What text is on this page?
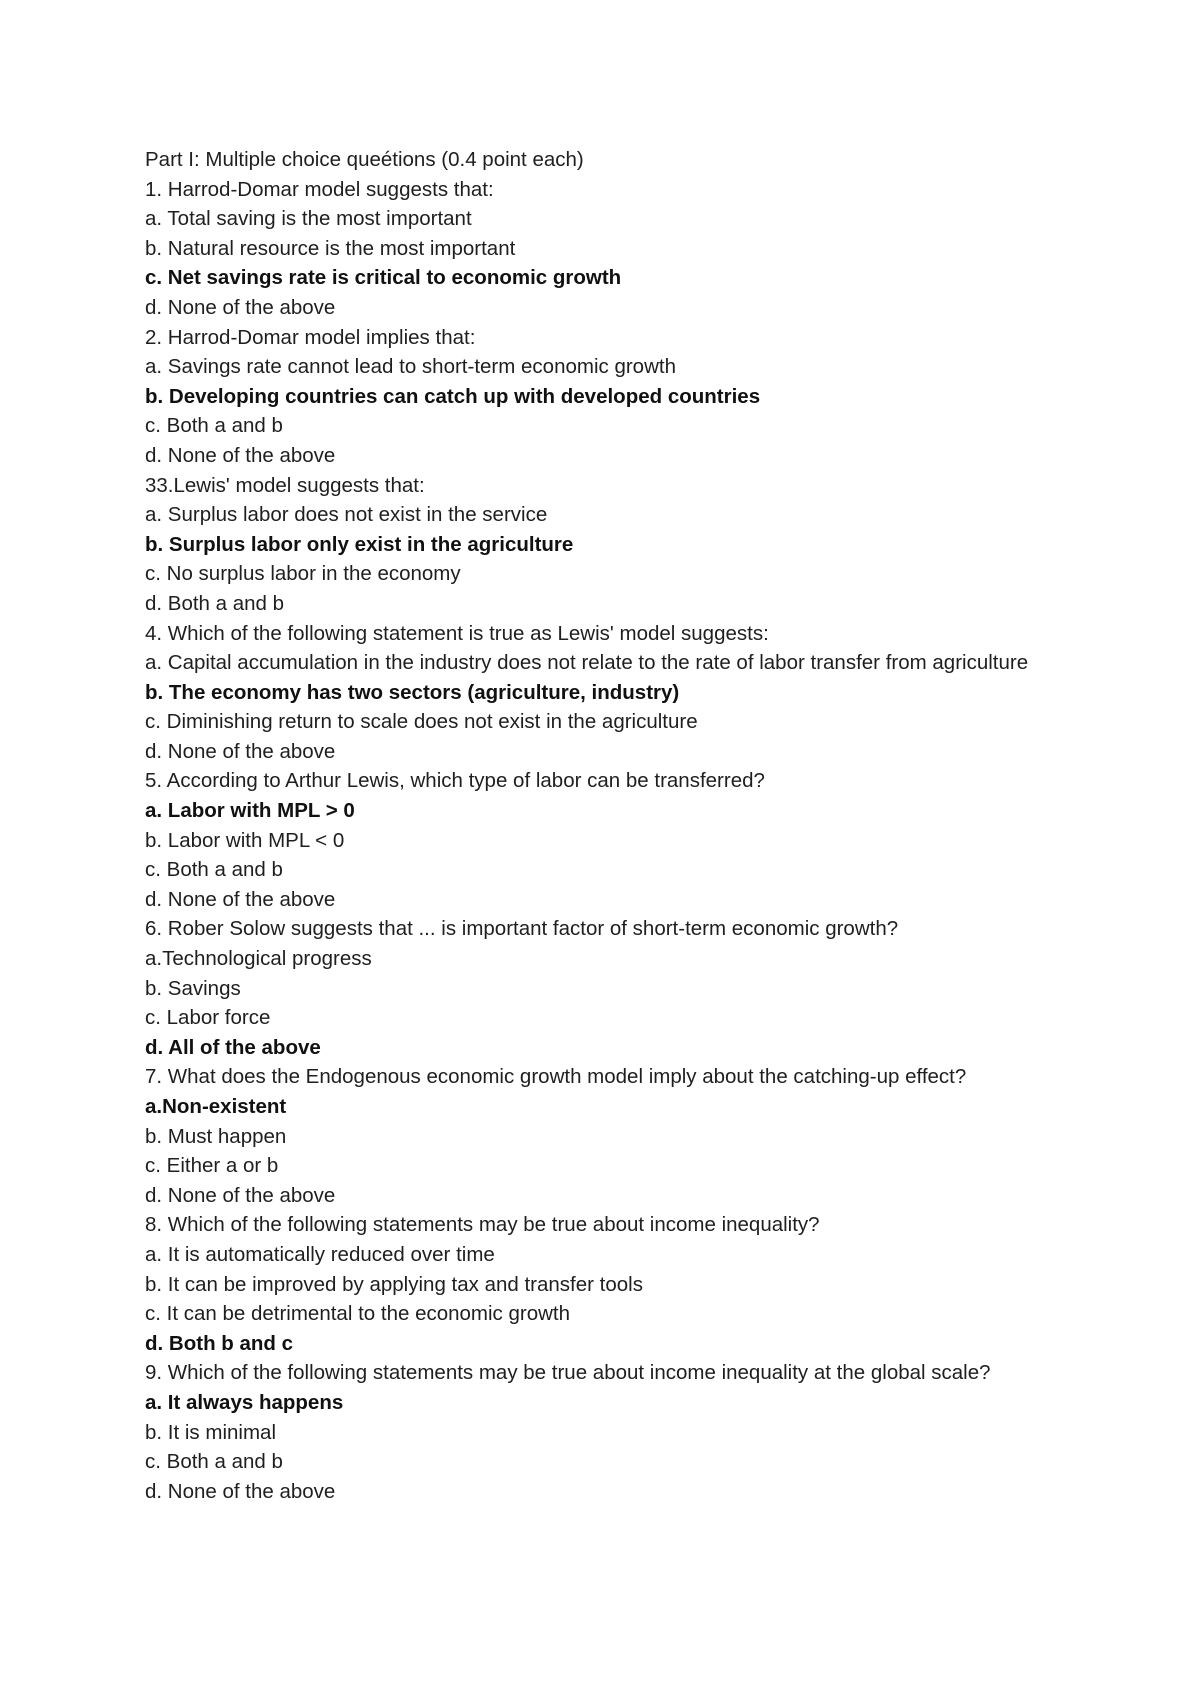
Part I: Multiple choice queétions (0.4 point each)
1. Harrod-Domar model suggests that:
a. Total saving is the most important
b. Natural resource is the most important
c. Net savings rate is critical to economic growth
d. None of the above
2. Harrod-Domar model implies that:
a. Savings rate cannot lead to short-term economic growth
b. Developing countries can catch up with developed countries
c. Both a and b
d. None of the above
33.Lewis' model suggests that:
a. Surplus labor does not exist in the service
b. Surplus labor only exist in the agriculture
c. No surplus labor in the economy
d. Both a and b
4. Which of the following statement is true as Lewis' model suggests:
a. Capital accumulation in the industry does not relate to the rate of labor transfer from agriculture
b. The economy has two sectors (agriculture, industry)
c. Diminishing return to scale does not exist in the agriculture
d. None of the above
5. According to Arthur Lewis, which type of labor can be transferred?
a. Labor with MPL > 0
b. Labor with MPL < 0
c. Both a and b
d. None of the above
6. Rober Solow suggests that ... is important factor of short-term economic growth?
a.Technological progress
b. Savings
c. Labor force
d. All of the above
7. What does the Endogenous economic growth model imply about the catching-up effect?
a.Non-existent
b. Must happen
c. Either a or b
d. None of the above
8. Which of the following statements may be true about income inequality?
a. It is automatically reduced over time
b. It can be improved by applying tax and transfer tools
c. It can be detrimental to the economic growth
d. Both b and c
9. Which of the following statements may be true about income inequality at the global scale?
a. It always happens
b. It is minimal
c. Both a and b
d. None of the above
